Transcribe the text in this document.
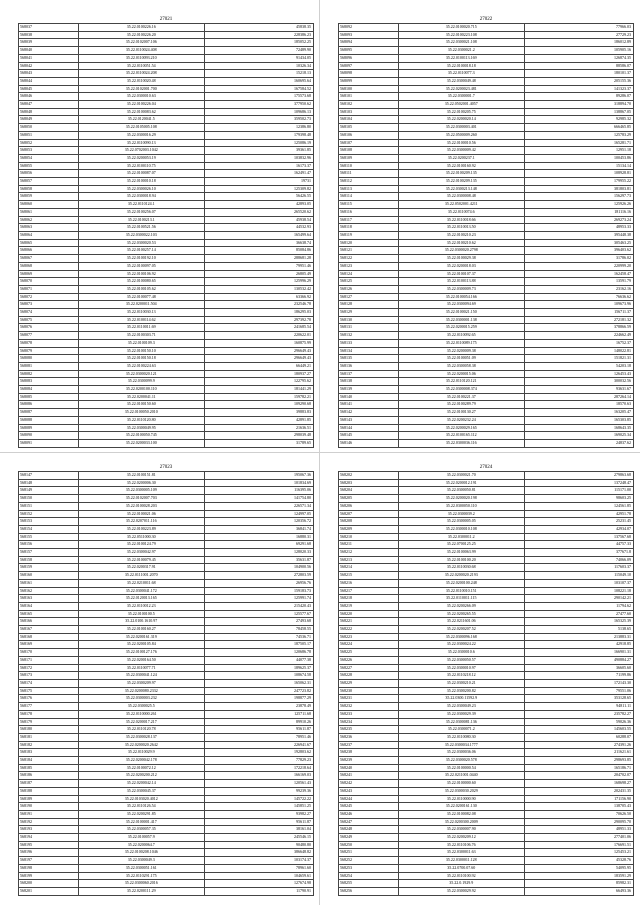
27021
568037	35.22.0100226.16	45838.35
568038	35.22.0100226.20	228386.23
568039	35.22.0102007.106	185052.25
568040	35.22.0110024.408	72489.90
568041	35.22.0110093.210	91434.05
568042	35.22.0110051.54	10326.34
568043	35.22.0110024.208	15218.13
568044	35.22.0110020.48	160695.64
568045	35.22.0102001.700	167584.52
568046	35.22.0300010.63	175573.68
568047	35.22.0100226.04	377950.62
568048	35.22.0100083.62	109686.13
568049	35.22.0120041.5	359502.73
568050	35.22.0105005.108	12386.80
568051	35.22.0300016.29	179398.48
568052	35.22.0110090.13	125086.19
568053	35.22.0702003.1042	39361.85
568054	35.22.0200053.19	103832.96
568055	35.22.0100110.75	16173.37
568056	35.22.0100087.07	162491.47
568057	35.22.0100010.18	19731
568058	35.22.0300026.10	125309.82
568059	35.22.0300018.94	56426.55
568060	35.22.0110124.1	42893.05
568061	35.22.0100256.07	265520.62
568062	35.22.0100213.1	45938.54
568063	35.22.0100521.56	44532.93
568064	35.22.0300022.103	165499.64
568065	35.22.0300020.53	36638.74
568066	35.22.0100257.14	85084.86
568067	35.22.0100192.10	288681.28
568068	35.22.0100097.05	79951.46
568069	35.22.0100106.92	26805.49
568070	35.22.0100080.65	125996.29
568071	35.22.0100105.62	130532.42
568072	35.22.0100077.48	63366.92
568073	35.22.0200011.504	232546.78
568074	35.22.0110030.13	186295.03
568075	35.22.0100114.62	297392.78
568076	35.22.0110011.69	241685.54
568077	35.22.0100303.71	220622.01
568078	35.22.0100109.3	160875.99
568079	35.22.0100150.10	296649.43
568080	35.22.0100150.18	296649.43
568081	35.22.0100224.63	66449.21
568082	35.22.0300020.121	180937.27
568083	35.22.0300099.9	122795.62
568084	35.22.0200100.110	181441.29
568085	35.22.0200041.11	159782.21
568086	35.22.0100150.60	109290.68
568087	35.22.0100050.2010	39883.83
568088	35.22.0110120.80	42891.85
568089	35.22.0300049.95	21636.51
568090	35.22.0100050.745	298039.48
568091	35.22.0200033.100	31789.65
27022
568092	35.22.0100020.715	77966.03
568093	35.22.0100223.108	27729.23
568094	35.22.0300021.108	186012.89
568095	35.22.0300021.2	105905.16
568096	35.22.0100113.169	126874.35
568097	35.22.0100018.18	88586.07
568098	35.22.0110077.3	180101.37
568099	35.22.0300049.48	205155.36
568100	35.22.0200023.481	141323.37
568101	35.22.0300001.7	89286.07
568102	35.22.0502001.4057	318894.70
568103	35.22.0100205.75	138867.05
568104	35.22.0200020.14	92985.32
568105	35.22.0300003.401	666465.85
568106	35.22.0500009.260	125783.29
568107	35.22.0100010.56	165281.71
568108	35.22.0300009.42	12951.18
568109	35.22.0200237.1	100453.86
568110	35.22.0100160.92	15134.14
568111	35.22.0100209.135	108928.81
568112	35.22.0100209.135	179955.22
568113	35.22.0300213.148	381803.81
568114	35.22.0300008.48	156297.73
568115	35.22.0502001.4211	125926.26
568116	35.22.0110074.6	181116.16
568117	35.22.0110018.66	269273.24
568118	35.22.0110013.50	48953.33
568119	35.22.0100210.23	395448.38
568120	35.22.0100210.62	305463.25
568121	35.22.0300020.2798	396403.62
568122	35.22.0100029.38	31786.02
568123	35.22.0200018.03	220999.20
568124	35.22.0100107.37	162458.47
568125	35.22.0100113.88	13591.79
568126	35.22.0300009.73	23162.16
568127	35.22.0100054.166	76636.62
568128	35.22.0300094.69	109673.96
568129	35.22.0100021.150	156711.37
568130	35.22.0300001.138	272181.32
568131	35.22.0200015.259	378866.59
568132	35.22.0110092.65	224662.49
568133	35.22.0110089.175	16752.37
568134	35.22.0200009.38	148022.81
568135	35.22.0100051.09	151821.31
568136	35.22.0300058.38	54203.18
568137	35.22.0200015.06	126453.43
568138	35.22.0110120.121	300032.56
568139	35.22.0300008.374	93631.67
568140	35.22.0100221.37	287264.14
568141	35.22.0100289.79	18570.63
568142	35.22.0100130.27	163205.47
568143	35.22.0200232.24	165303.85
568144	35.22.0200029.165	168643.35
568145	35.22.0100165.112	169025.34
568146	35.22.0300036.116	24837.62
27023
568147	35.22.0100151.81	195067.36
568148	35.22.0200006.30	101834.69
568149	35.22.0300005.109	116395.06
568150	35.22.0102007.703	141754.80
568151	35.22.0100028.203	226571.34
568152	35.22.0100021.06	124997.05
568153	35.22.0207011.116	120356.72
568154	35.22.0100223.89	36841.74
568155	35.22.0511000.30	16880.31
568156	35.22.0100124.79	69291.68
568157	35.22.0300042.97	128020.33
568158	35.22.0100079.45	35631.87
568159	35.22.0200317.91	104900.56
568160	35.22.0111001.2070	272803.59
568161	35.22.0210011.68	26956.76
568162	35.22.0300041.172	159183.73
568163	35.22.0120013.165	125991.74
568164	35.22.0110012.23	215420.43
568165	35.22.0100100.5	125577.67
568166	35.22.0100.1610.97	27493.68
568167	35.22.0100160.27	78458.55
568168	35.22.0200161.319	74536.71
568169	35.22.0200105.84	187505.17
568170	35.22.0100127.176	120686.78
568171	35.22.0200164.50	44077.38
568172	35.22.0110077.71	189625.37
568173	35.22.0300041.124	108674.58
568174	35.22.0300209.97	165062.31
568175	35.22.0200080.2332	247723.82
568176	35.22.0300003.232	198877.29
568177	35.22.0300025.5	23878.49
568178	35.22.0110000.261	125711.68
568179	35.22.0200017.217	89910.26
568180	35.22.0110120.78	95611.87
568181	35.22.0300028.137	78951.46
568182	35.22.0200020.2642	226941.67
568183	35.22.0110029.9	192803.62
568184	35.22.0200042.178	77829.23
568185	35.22.0100072.12	172218.64
568186	35.22.0200200.212	166169.03
568187	35.22.0200042.14	120561.43
568188	35.22.0300045.37	99239.36
568189	35.22.0103020.4012	145722.22
568190	35.22.0110126.54	145851.25
568191	35.22.0200291.85	93982.27
568192	35.22.0100001.417	95611.87
568193	35.22.0300057.35	38161.04
568194	35.22.0100057.9	245546.15
568195	35.22.0200064.7	90480.80
568196	35.22.0100208.1046	386648.82
568197	35.22.0300049.3	103174.37
568198	35.22.0300051.161	78961.60
568199	35.22.0110291.175	104659.61
568200	35.22.0300060.2016	127674.98
568201	35.22.0200111.29	11790.91
27024
568202	35.22.0300021.70	279863.68
568203	35.22.0200012.191	137248.47
568204	35.22.0300050.81	115171.00
568205	35.22.0200020.198	98603.25
568206	35.22.0300050.110	124561.85
568207	35.22.0300039.2	42951.78
568208	35.22.0300005.05	25231.45
568209	35.22.0300010.108	42934.07
568210	35.22.0300011.2	137567.68
568211	35.22.0700125.25	44757.33
568212	35.22.0100063.99	377671.8
568213	35.22.0100100.20	74066.09
568214	35.22.0110030.68	117603.37
568215	35.22.0200020.2193	115049.10
568216	35.22.0200100.248	103107.37
568217	35.22.0110010.151	108221.18
568218	35.22.0110011.115	290142.21
568219	35.22.0200266.09	11794.62
568220	35.22.0200265.55	27477.60
568221	35.22.0211601.06	165325.39
568222	35.22.0200207.52	5138.65
568223	35.22.0300096.168	213883.31
568224	35.22.0300024.22	42918.85
568225	35.22.0300010.6	166901.31
568226	35.22.0300050.57	490884.27
568227	35.22.0300010.97	36605.60
568228	35.22.0110218.12	71199.86
568229	35.22.0300210.21	172143.30
568230	35.22.0300200.82	79551.06
568231	35.22.0300.11592.9	353128.65
568232	35.22.0300049.23	94811.11
568233	35.22.0300029.39	235782.27
568234	35.22.0300081.136	59026.36
568235	35.22.0300071.2	145603.55
568236	35.22.0110080.30	60288.07
568237	35.22.0300034.1777	274391.26
568238	35.22.0300036.06	211621.61
568239	35.22.0300020.578	298693.85
568240	35.22.0100000.54	165186.71
568241	35.22.0211001.0440	204702.07
568242	35.22.0100000.60	168698.27
568243	35.22.0300030.2029	202431.35
568244	35.22.0110000.90	171156.90
568245	35.22.0200161.130	138705.43
568246	35.22.0100082.08	70626.50
568247	35.22.0200300.2009	290095.70
568248	35.22.0300007.90	48951.33
568249	35.22.0200209.12	277401.06
568250	35.22.0110106.76	176691.51
568251	35.22.0300011.63	125453.21
568252	35.22.0300011.128	45328.76
568253	35.22.0700.07.60	54095.95
568254	35.22.0110100.92	183591.29
568255	35.22.0.1929.9	85982.31
568256	35.22.0300029.92	66493.36
